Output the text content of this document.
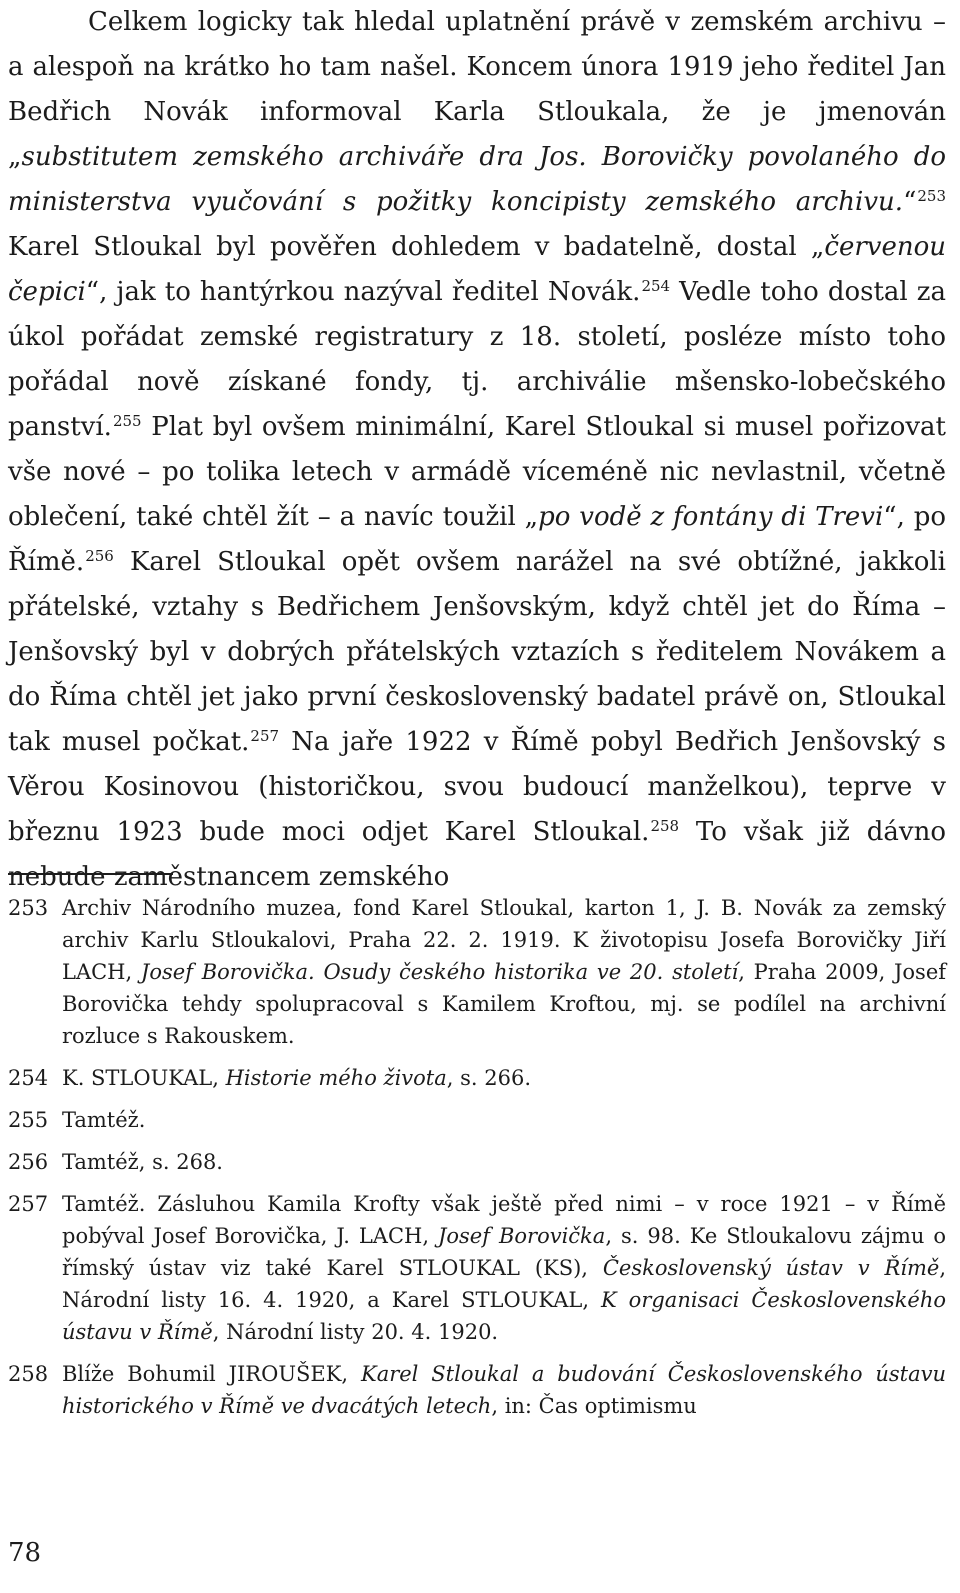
Celkem logicky tak hledal uplatnění právě v zemském archivu – a alespoň na krátko ho tam našel. Koncem února 1919 jeho ředitel Jan Bedřich Novák informoval Karla Stloukala, že je jmenován „substitutem zemského archiváře dra Jos. Borovičky povolaného do ministerstva vyučování s požitky koncipisty zemského archivu.“$^{253}$ Karel Stloukal byl pověřen dohledem v badatelně, dostal „červenou čepici“, jak to hantýrkou nazýval ředitel Novák.$^{254}$ Vedle toho dostal za úkol pořádat zemské registratury z 18. století, posléze místo toho pořádal nově získané fondy, tj. archiválie mšensko-lobečského panství.$^{255}$ Plat byl ovšem minimální, Karel Stloukal si musel pořizovat vše nové – po tolika letech v armádě víceméně nic nevlastnil, včetně oblečení, také chtěl žít – a navíc toužil „po vodě z fontány di Trevi“, po Římě.$^{256}$ Karel Stloukal opět ovšem narážel na své obtížné, jakkoli přátelské, vztahy s Bedřichem Jenšovským, když chtěl jet do Říma – Jenšovský byl v dobrých přátelských vztazích s ředitelem Novákem a do Říma chtěl jet jako první československý badatel právě on, Stloukal tak musel počkat.$^{257}$ Na jaře 1922 v Římě pobyl Bedřich Jenšovský s Věrou Kosinovou (historičkou, svou budoucí manželkou), teprve v březnu 1923 bude moci odjet Karel Stloukal.$^{258}$ To však již dávno nebude zaměstnancem zemského

253 Archiv Národního muzea, fond Karel Stloukal, karton 1, J. B. Novák za zemský archiv Karlu Stloukalovi, Praha 22. 2. 1919. K životopisu Josefa Borovičky Jiří LACH, Josef Borovička. Osudy českého historika ve 20. století, Praha 2009, Josef Borovička tehdy spolupracoval s Kamilem Kroftou, mj. se podílel na archivní rozluce s Rakouskem.
254 K. STLOUKAL, Historie mého života, s. 266.
255 Tamtéž.
256 Tamtéž, s. 268.
257 Tamtéž. Zásluhou Kamila Krofty však ještě před nimi – v roce 1921 – v Římě pobýval Josef Borovička, J. LACH, Josef Borovička, s. 98. Ke Stloukalovu zájmu o římský ústav viz také Karel STLOUKAL (KS), Československý ústav v Římě, Národní listy 16. 4. 1920, a Karel STLOUKAL, K organisaci Československého ústavu v Římě, Národní listy 20. 4. 1920.
258 Blíže Bohumil JIROUŠEK, Karel Stloukal a budování Československého ústavu historického v Římě ve dvacátých letech, in: Čas optimismu
78
